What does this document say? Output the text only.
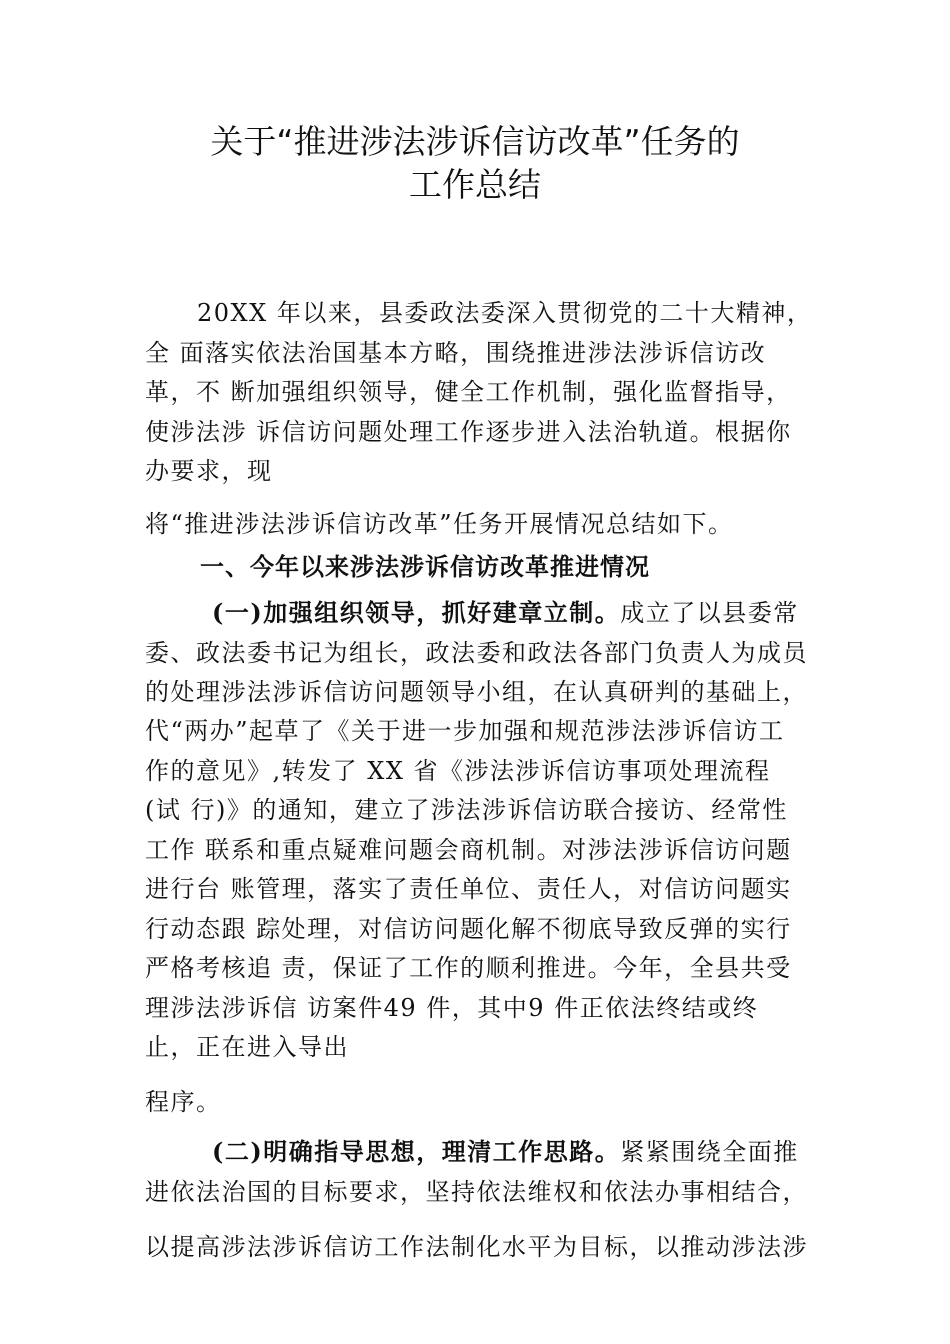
关于“推进涉法涉诉信访改革”任务的
工作总结

20XX 年以来，县委政法委深入贯彻党的二十大精神，

全 面落实依法治国基本方略，围绕推进涉法涉诉信访改

革，不 断加强组织领导，健全工作机制，强化监督指导，

使涉法涉 诉信访问题处理工作逐步进入法治轨道。根据你

办要求，现

将“推进涉法涉诉信访改革”任务开展情况总结如下。

一、今年以来涉法涉诉信访改革推进情况

(一)加强组织领导，抓好建章立制。成立了以县委常

委、政法委书记为组长，政法委和政法各部门负责人为成员

的处理涉法涉诉信访问题领导小组，在认真研判的基础上，

代“两办”起草了《关于进一步加强和规范涉法涉诉信访工

作的意见》,转发了 XX 省《涉法涉诉信访事项处理流程

(试 行)》的通知，建立了涉法涉诉信访联合接访、经常性

工作 联系和重点疑难问题会商机制。对涉法涉诉信访问题

进行台 账管理，落实了责任单位、责任人，对信访问题实

行动态跟 踪处理，对信访问题化解不彻底导致反弹的实行

严格考核追 责，保证了工作的顺利推进。今年，全县共受

理涉法涉诉信 访案件49 件，其中9 件正依法终结或终

止，正在进入导出

程序。

(二)明确指导思想，理清工作思路。紧紧围绕全面推

进依法治国的目标要求，坚持依法维权和依法办事相结合，

以提高涉法涉诉信访工作法制化水平为目标，以推动涉法涉
